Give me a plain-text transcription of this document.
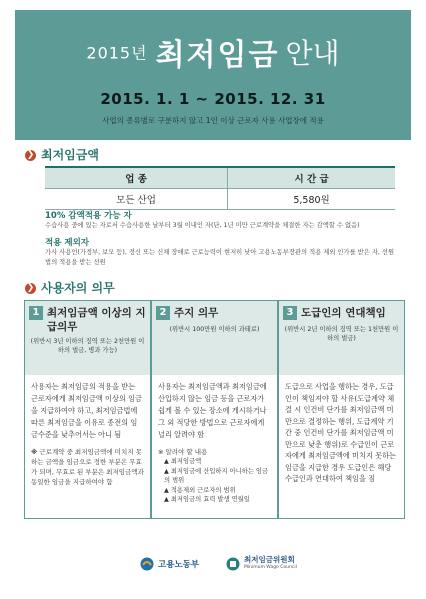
2015년 최저임금 안내
2015. 1. 1 ~ 2015. 12. 31
사업의 종류별로 구분하지 않고 1인 이상 근로자 사용 사업장에 적용
❯ 최저임금액
업 종	시 간 급
모든 산업	5,580원
10% 감액적용 가능 자
수습사용 중에 있는 자로서 수습사용한 날부터 3월 이내인 자(단, 1년 미만 근로계약을 체결한 자는 감액할 수 없음)
적용 제외자
가사 사용인(가정부, 보모 등), 정신 또는 신체 장애로 근로능력이 현저히 낮아 고용노동부장관의 적용 제외 인가를 받은 자, 선원법의 적용을 받는 선원
❯ 사용자의 의무
1 최저임금액 이상의 지급의무
(위반시 3년 이하의 징역 또는 2천만원 이하의 벌금, 병과 가능)
사용자는 최저임금의 적용을 받는 근로자에게 최저임금액 이상의 임금을 지급하여야 하고, 최저임금법에 따른 최저임금을 이유로 종전의 임금수준을 낮추어서는 아니 됨
※ 근로계약 중 최저임금액에 미치지 못하는 금액을 임금으로 정한 부분은 무효가 되며, 무효로 된 부분은 최저임금액과 동일한 임금을 지급하여야 함
2 주지 의무
(위반시 100만원 이하의 과태료)
사용자는 최저임금액과 최저임금에 산입하지 않는 임금 등을 근로자가 쉽게 볼 수 있는 장소에 게시하거나 그 외 적당한 방법으로 근로자에게 널리 알려야 함
※ 알려야 할 내용
▲ 최저임금액
▲ 최저임금에 산입하지 아니하는 임금의 범위
▲ 적용제외 근로자의 범위
▲ 최저임금의 효력 발생 연월일
3 도급인의 연대책임
(위반시 2년 이하의 징역 또는 1천만원 이하의 벌금)
도급으로 사업을 행하는 경우, 도급인이 책임져야 할 사유(도급계약 체결 시 인건비 단가를 최저임금액 미만으로 결정하는 행위, 도급계약 기간 중 인건비 단가를 최저임금액 미만으로 낮춘 행위)로 수급인이 근로자에게 최저임금액에 미치지 못하는 임금을 지급한 경우 도급인은 해당 수급인과 연대하여 책임을 짐
고용노동부
최저임금위원회
Minimum Wage Council
